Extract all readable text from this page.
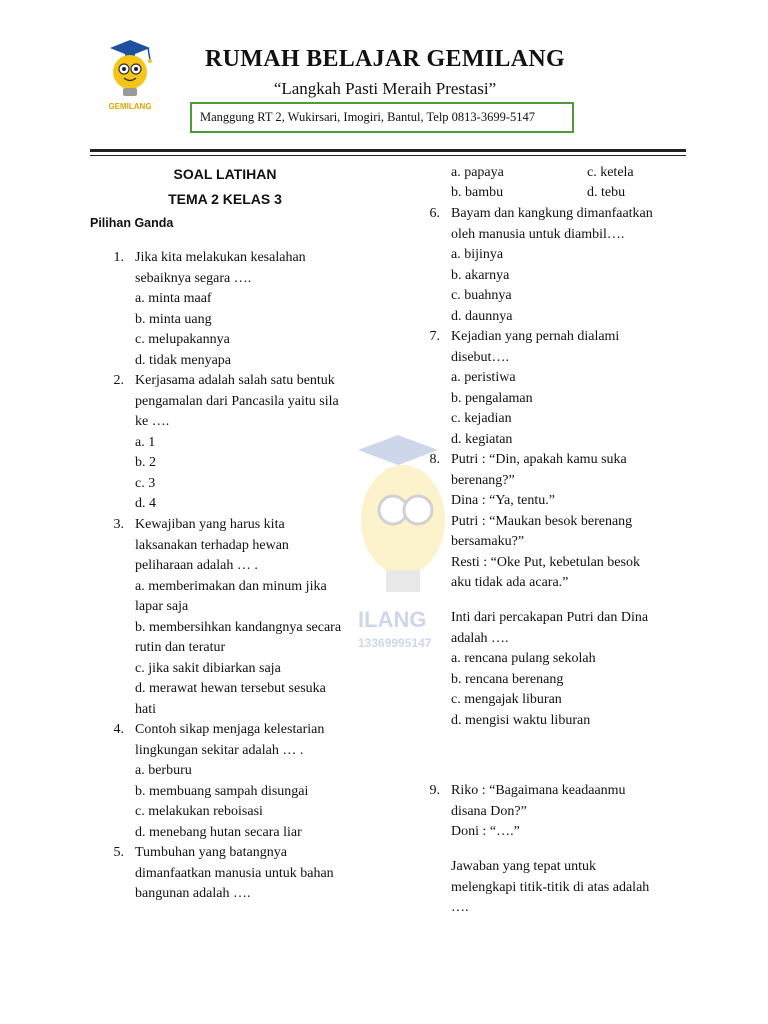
GEMILANG
RUMAH BELAJAR GEMILANG
“Langkah Pasti Meraih Prestasi”
Manggung RT 2, Wukirsari, Imogiri, Bantul, Telp 0813-3699-5147
SOAL LATIHAN
TEMA 2 KELAS 3
Pilihan Ganda
ILANG
13369995147
1. Jika kita melakukan kesalahan
sebaiknya segara ….
a. minta maaf
b. minta uang
c. melupakannya
d. tidak menyapa
2. Kerjasama adalah salah satu bentuk
pengamalan dari Pancasila yaitu sila
ke ….
a. 1
b. 2
c. 3
d. 4
3. Kewajiban yang harus kita
laksanakan terhadap hewan
peliharaan adalah … .
a. memberimakan dan minum jika
lapar saja
b. membersihkan kandangnya secara
rutin dan teratur
c. jika sakit dibiarkan saja
d. merawat hewan tersebut sesuka
hati
4. Contoh sikap menjaga kelestarian
lingkungan sekitar adalah … .
a. berburu
b. membuang sampah disungai
c. melakukan reboisasi
d. menebang hutan secara liar
5. Tumbuhan yang batangnya
dimanfaatkan manusia untuk bahan
bangunan adalah ….
a. papaya	c. ketela
b. bambu	d. tebu
6. Bayam dan kangkung dimanfaatkan
oleh manusia untuk diambil….
a. bijinya
b. akarnya
c. buahnya
d. daunnya
7. Kejadian yang pernah dialami
disebut….
a. peristiwa
b. pengalaman
c. kejadian
d. kegiatan
8. Putri : “Din, apakah kamu suka
berenang?”
Dina : “Ya, tentu.”
Putri : “Maukan besok berenang
bersamaku?”
Resti : “Oke Put, kebetulan besok
aku tidak ada acara.”
Inti dari percakapan Putri dan Dina
adalah ….
a. rencana pulang sekolah
b. rencana berenang
c. mengajak liburan
d. mengisi waktu liburan
9. Riko : “Bagaimana keadaanmu
disana Don?”
Doni : “….”
Jawaban yang tepat untuk
melengkapi titik-titik di atas adalah
….
